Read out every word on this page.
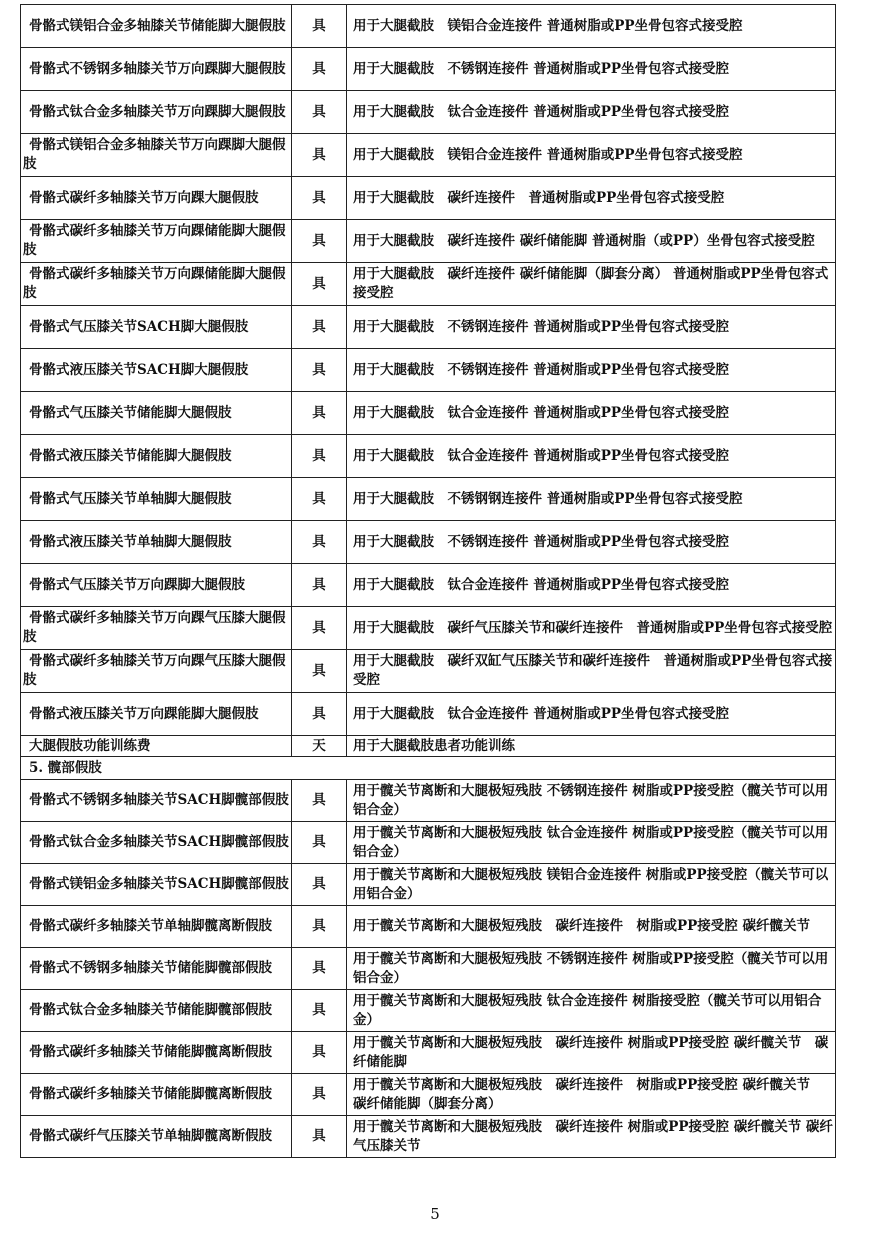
骨骼式镁铝合金多轴膝关节储能脚大腿假肢	具	用于大腿截肢　镁铝合金连接件 普通树脂或PP坐骨包容式接受腔
骨骼式不锈钢多轴膝关节万向踝脚大腿假肢	具	用于大腿截肢　不锈钢连接件 普通树脂或PP坐骨包容式接受腔
骨骼式钛合金多轴膝关节万向踝脚大腿假肢	具	用于大腿截肢　钛合金连接件 普通树脂或PP坐骨包容式接受腔
骨骼式镁铝合金多轴膝关节万向踝脚大腿假肢	具	用于大腿截肢　镁铝合金连接件 普通树脂或PP坐骨包容式接受腔
骨骼式碳纤多轴膝关节万向踝大腿假肢	具	用于大腿截肢　碳纤连接件　普通树脂或PP坐骨包容式接受腔
骨骼式碳纤多轴膝关节万向踝储能脚大腿假肢	具	用于大腿截肢　碳纤连接件 碳纤储能脚 普通树脂（或PP）坐骨包容式接受腔
骨骼式碳纤多轴膝关节万向踝储能脚大腿假肢	具	用于大腿截肢　碳纤连接件 碳纤储能脚（脚套分离） 普通树脂或PP坐骨包容式接受腔
骨骼式气压膝关节SACH脚大腿假肢	具	用于大腿截肢　不锈钢连接件 普通树脂或PP坐骨包容式接受腔
骨骼式液压膝关节SACH脚大腿假肢	具	用于大腿截肢　不锈钢连接件 普通树脂或PP坐骨包容式接受腔
骨骼式气压膝关节储能脚大腿假肢	具	用于大腿截肢　钛合金连接件 普通树脂或PP坐骨包容式接受腔
骨骼式液压膝关节储能脚大腿假肢	具	用于大腿截肢　钛合金连接件 普通树脂或PP坐骨包容式接受腔
骨骼式气压膝关节单轴脚大腿假肢	具	用于大腿截肢　不锈钢钢连接件 普通树脂或PP坐骨包容式接受腔
骨骼式液压膝关节单轴脚大腿假肢	具	用于大腿截肢　不锈钢连接件 普通树脂或PP坐骨包容式接受腔
骨骼式气压膝关节万向踝脚大腿假肢	具	用于大腿截肢　钛合金连接件 普通树脂或PP坐骨包容式接受腔
骨骼式碳纤多轴膝关节万向踝气压膝大腿假肢	具	用于大腿截肢　碳纤气压膝关节和碳纤连接件　普通树脂或PP坐骨包容式接受腔
骨骼式碳纤多轴膝关节万向踝气压膝大腿假肢	具	用于大腿截肢　碳纤双缸气压膝关节和碳纤连接件　普通树脂或PP坐骨包容式接受腔
骨骼式液压膝关节万向踝能脚大腿假肢	具	用于大腿截肢　钛合金连接件 普通树脂或PP坐骨包容式接受腔
大腿假肢功能训练费	天	用于大腿截肢患者功能训练
5. 髋部假肢		
骨骼式不锈钢多轴膝关节SACH脚髋部假肢	具	用于髋关节离断和大腿极短残肢 不锈钢连接件 树脂或PP接受腔（髋关节可以用铝合金）
骨骼式钛合金多轴膝关节SACH脚髋部假肢	具	用于髋关节离断和大腿极短残肢 钛合金连接件 树脂或PP接受腔（髋关节可以用铝合金）
骨骼式镁铝金多轴膝关节SACH脚髋部假肢	具	用于髋关节离断和大腿极短残肢 镁铝合金连接件 树脂或PP接受腔（髋关节可以用铝合金）
骨骼式碳纤多轴膝关节单轴脚髋离断假肢	具	用于髋关节离断和大腿极短残肢　碳纤连接件　树脂或PP接受腔 碳纤髋关节
骨骼式不锈钢多轴膝关节储能脚髋部假肢	具	用于髋关节离断和大腿极短残肢 不锈钢连接件 树脂或PP接受腔（髋关节可以用铝合金）
骨骼式钛合金多轴膝关节储能脚髋部假肢	具	用于髋关节离断和大腿极短残肢 钛合金连接件 树脂接受腔（髋关节可以用铝合金）
骨骼式碳纤多轴膝关节储能脚髋离断假肢	具	用于髋关节离断和大腿极短残肢　碳纤连接件 树脂或PP接受腔 碳纤髋关节　碳纤储能脚
骨骼式碳纤多轴膝关节储能脚髋离断假肢	具	用于髋关节离断和大腿极短残肢　碳纤连接件　树脂或PP接受腔 碳纤髋关节　碳纤储能脚（脚套分离）
骨骼式碳纤气压膝关节单轴脚髋离断假肢	具	用于髋关节离断和大腿极短残肢　碳纤连接件 树脂或PP接受腔 碳纤髋关节 碳纤气压膝关节
5
